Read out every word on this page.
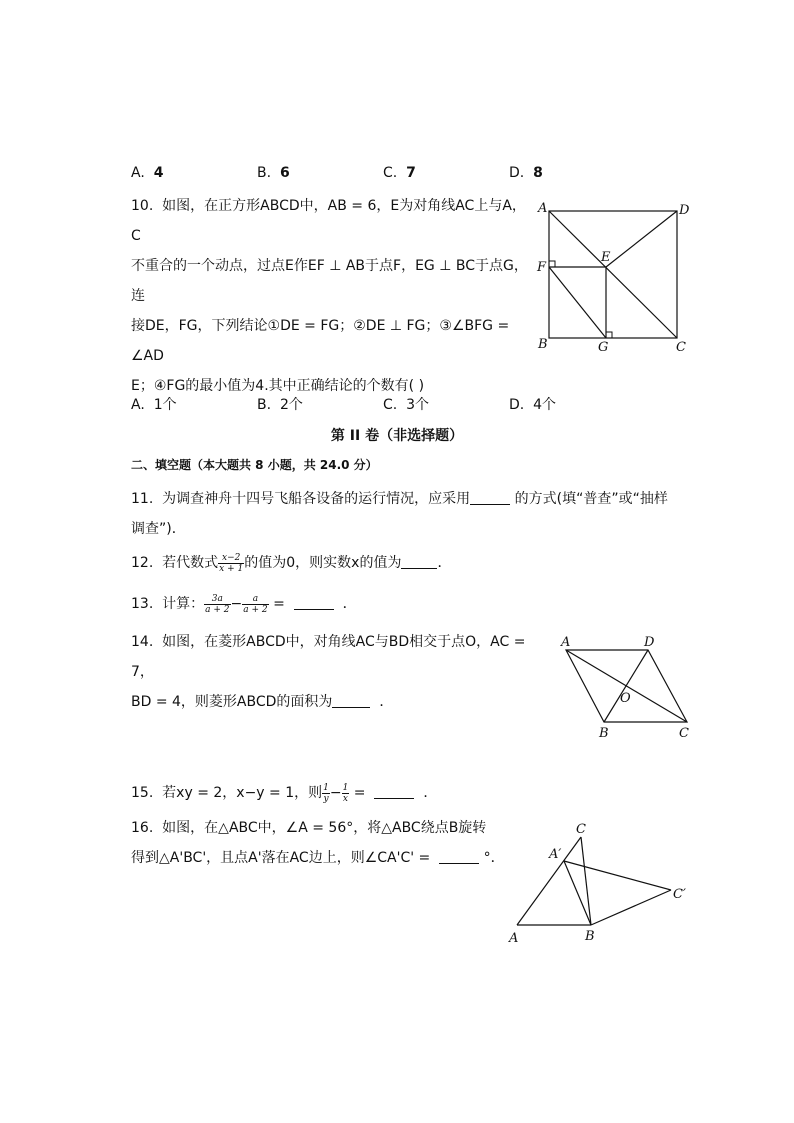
A. 4	B. 6	C. 7	D. 8
10. 如图，在正方形ABCD中，AB = 6，E为对角线AC上与A，C
不重合的一个动点，过点E作EF ⊥ AB于点F，EG ⊥ BC于点G，连
接DE，FG，下列结论①DE = FG；②DE ⊥ FG；③∠BFG = ∠AD
E；④FG的最小值为4.其中正确结论的个数有( )
A	D
B	C
E
F
G
A. 1个	B. 2个	C. 3个	D. 4个
第 II 卷（非选择题）
二、填空题（本大题共 8 小题，共 24.0 分）
11. 为调查神舟十四号飞船各设备的运行情况，应采用	的方式(填“普查”或“抽样
调查”)．
12. 若代数式 $\frac{x-2}{x + 1}$ 的值为0，则实数x的值为	．
13. 计算： $\frac{3a}{a + 2} - \frac{a}{a + 2}$ =	．
14. 如图，在菱形ABCD中，对角线AC与BD相交于点O，AC = 7，
BD = 4，则菱形ABCD的面积为	．
A	D
B	C
O
15. 若xy = 2，x−y = 1，则 $\frac{1}{y} - \frac{1}{x}$ =	．
16. 如图，在△ABC中，∠A = 56°，将△ABC绕点B旋转
得到△A'BC'，且点A'落在AC边上，则∠CA'C' =	°．
A	B
C
A′
C′
